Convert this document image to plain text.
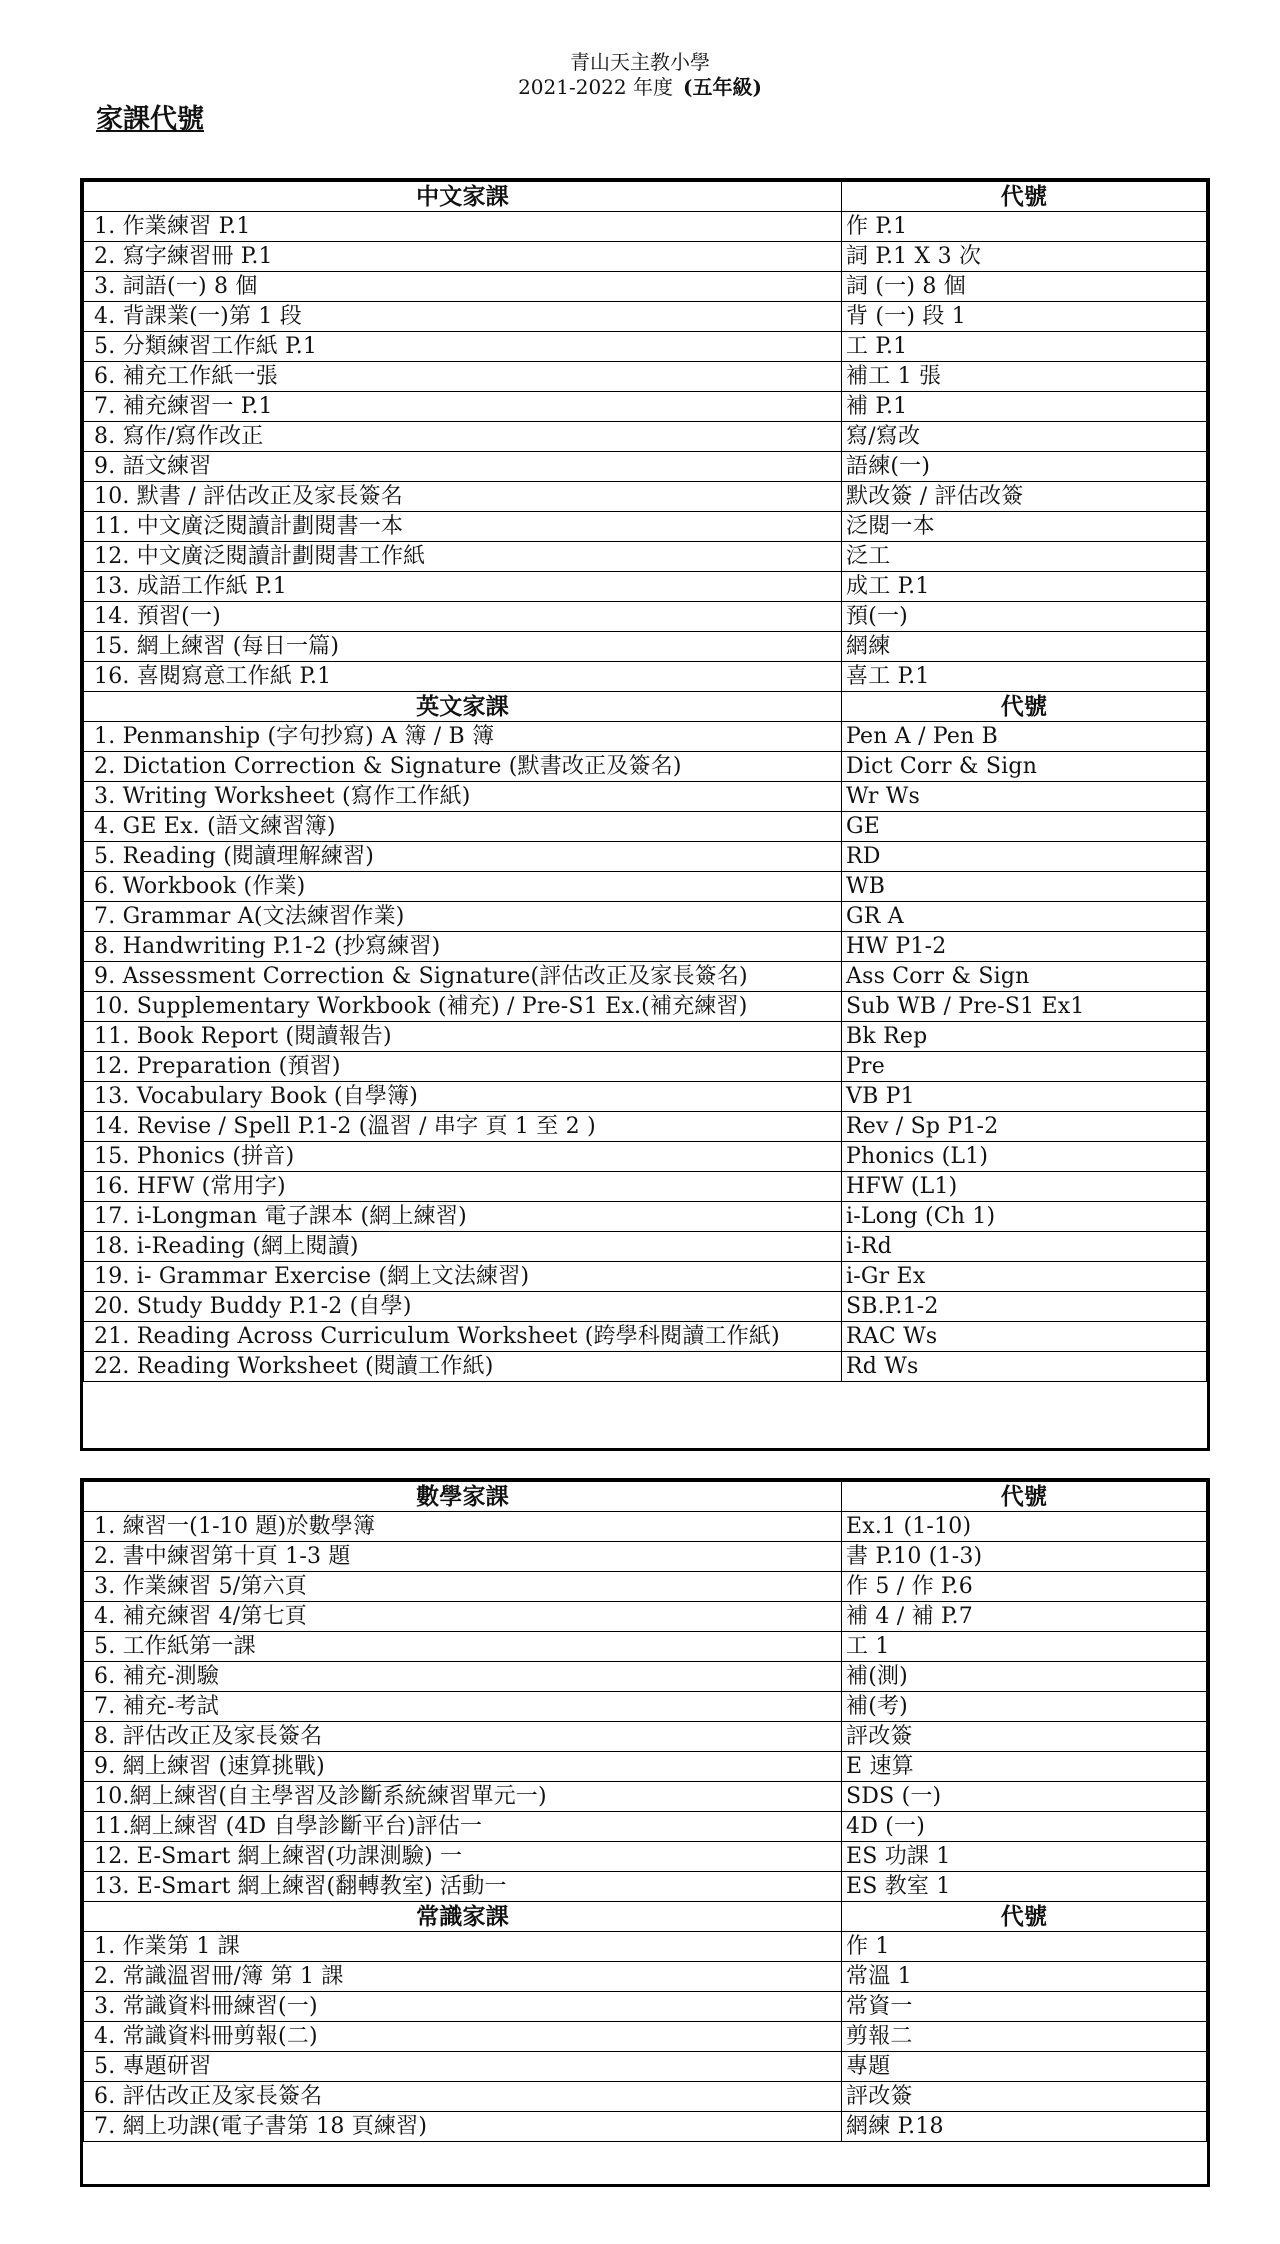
青山天主教小學
2021-2022 年度 (五年級)
家課代號
中文家課	代號
1. 作業練習 P.1	作 P.1
2. 寫字練習冊 P.1	詞 P.1 X 3 次
3. 詞語(一) 8 個	詞 (一) 8 個
4. 背課業(一)第 1 段	背 (一) 段 1
5. 分類練習工作紙 P.1	工 P.1
6. 補充工作紙一張	補工 1 張
7. 補充練習一 P.1	補 P.1
8. 寫作/寫作改正	寫/寫改
9. 語文練習	語練(一)
10. 默書 / 評估改正及家長簽名	默改簽 / 評估改簽
11. 中文廣泛閱讀計劃閱書一本	泛閱一本
12. 中文廣泛閱讀計劃閱書工作紙	泛工
13. 成語工作紙 P.1	成工 P.1
14. 預習(一)	預(一)
15. 網上練習 (每日一篇)	網練
16. 喜閱寫意工作紙 P.1	喜工 P.1
英文家課	代號
1. Penmanship (字句抄寫) A 簿 / B 簿	Pen A / Pen B
2. Dictation Correction & Signature (默書改正及簽名)	Dict Corr & Sign
3. Writing Worksheet (寫作工作紙)	Wr Ws
4. GE Ex. (語文練習簿)	GE
5. Reading (閱讀理解練習)	RD
6. Workbook (作業)	WB
7. Grammar A(文法練習作業)	GR A
8. Handwriting P.1-2 (抄寫練習)	HW P1-2
9. Assessment Correction & Signature(評估改正及家長簽名)	Ass Corr & Sign
10. Supplementary Workbook (補充) / Pre-S1 Ex.(補充練習)	Sub WB / Pre-S1 Ex1
11. Book Report (閱讀報告)	Bk Rep
12. Preparation (預習)	Pre
13. Vocabulary Book (自學簿)	VB P1
14. Revise / Spell P.1-2 (溫習 / 串字 頁 1 至 2 )	Rev / Sp P1-2
15. Phonics (拼音)	Phonics (L1)
16. HFW (常用字)	HFW (L1)
17. i-Longman 電子課本 (網上練習)	i-Long (Ch 1)
18. i-Reading (網上閱讀)	i-Rd
19. i- Grammar Exercise (網上文法練習)	i-Gr Ex
20. Study Buddy P.1-2 (自學)	SB.P.1-2
21. Reading Across Curriculum Worksheet (跨學科閱讀工作紙)	RAC Ws
22. Reading Worksheet (閱讀工作紙)	Rd Ws
數學家課	代號
1. 練習一(1-10 題)於數學簿	Ex.1 (1-10)
2. 書中練習第十頁 1-3 題	書 P.10 (1-3)
3. 作業練習 5/第六頁	作 5 / 作 P.6
4. 補充練習 4/第七頁	補 4 / 補 P.7
5. 工作紙第一課	工 1
6. 補充-測驗	補(測)
7. 補充-考試	補(考)
8. 評估改正及家長簽名	評改簽
9. 網上練習 (速算挑戰)	E 速算
10.網上練習(自主學習及診斷系統練習單元一)	SDS (一)
11.網上練習 (4D 自學診斷平台)評估一	4D (一)
12. E-Smart 網上練習(功課測驗) 一	ES 功課 1
13. E-Smart 網上練習(翻轉教室) 活動一	ES 教室 1
常識家課	代號
1. 作業第 1 課	作 1
2. 常識溫習冊/簿 第 1 課	常溫 1
3. 常識資料冊練習(一)	常資一
4. 常識資料冊剪報(二)	剪報二
5. 專題研習	專題
6. 評估改正及家長簽名	評改簽
7. 網上功課(電子書第 18 頁練習)	網練 P.18
